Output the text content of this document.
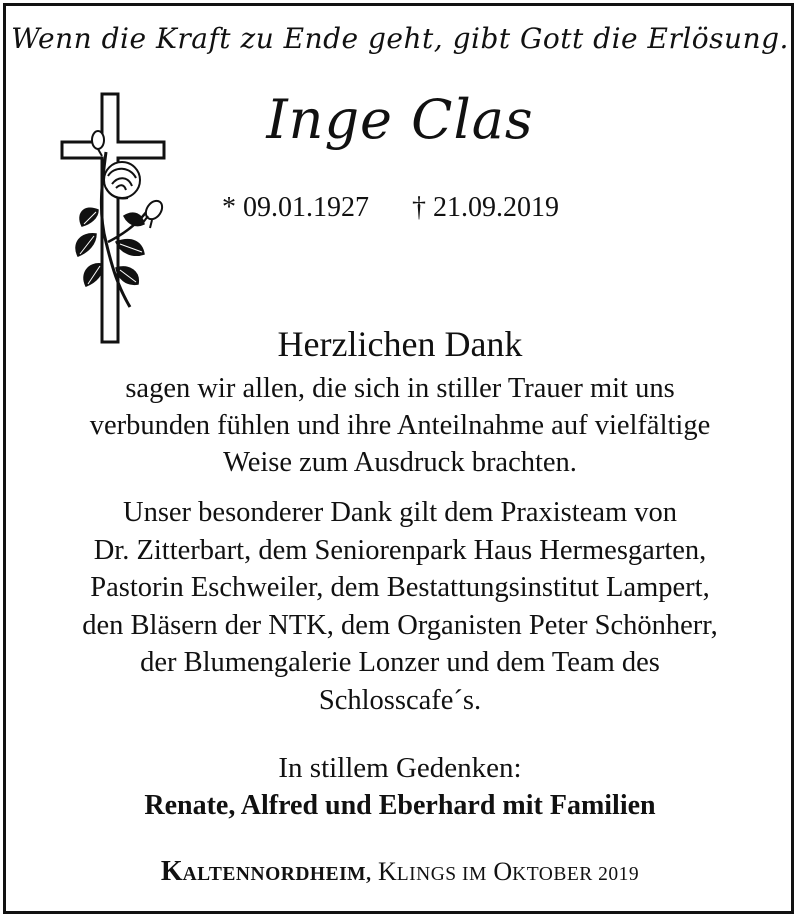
Wenn die Kraft zu Ende geht, gibt Gott die Erlösung.
Inge Clas
* 09.01.1927 † 21.09.2019
Herzlichen Dank
sagen wir allen, die sich in stiller Trauer mit uns
verbunden fühlen und ihre Anteilnahme auf vielfältige
Weise zum Ausdruck brachten.
Unser besonderer Dank gilt dem Praxisteam von
Dr. Zitterbart, dem Seniorenpark Haus Hermesgarten,
Pastorin Eschweiler, dem Bestattungsinstitut Lampert,
den Bläsern der NTK, dem Organisten Peter Schönherr,
der Blumengalerie Lonzer und dem Team des
Schlosscafe´s.
In stillem Gedenken:
Renate, Alfred und Eberhard mit Familien
KALTENNORDHEIM, KLINGS IM OKTOBER 2019
